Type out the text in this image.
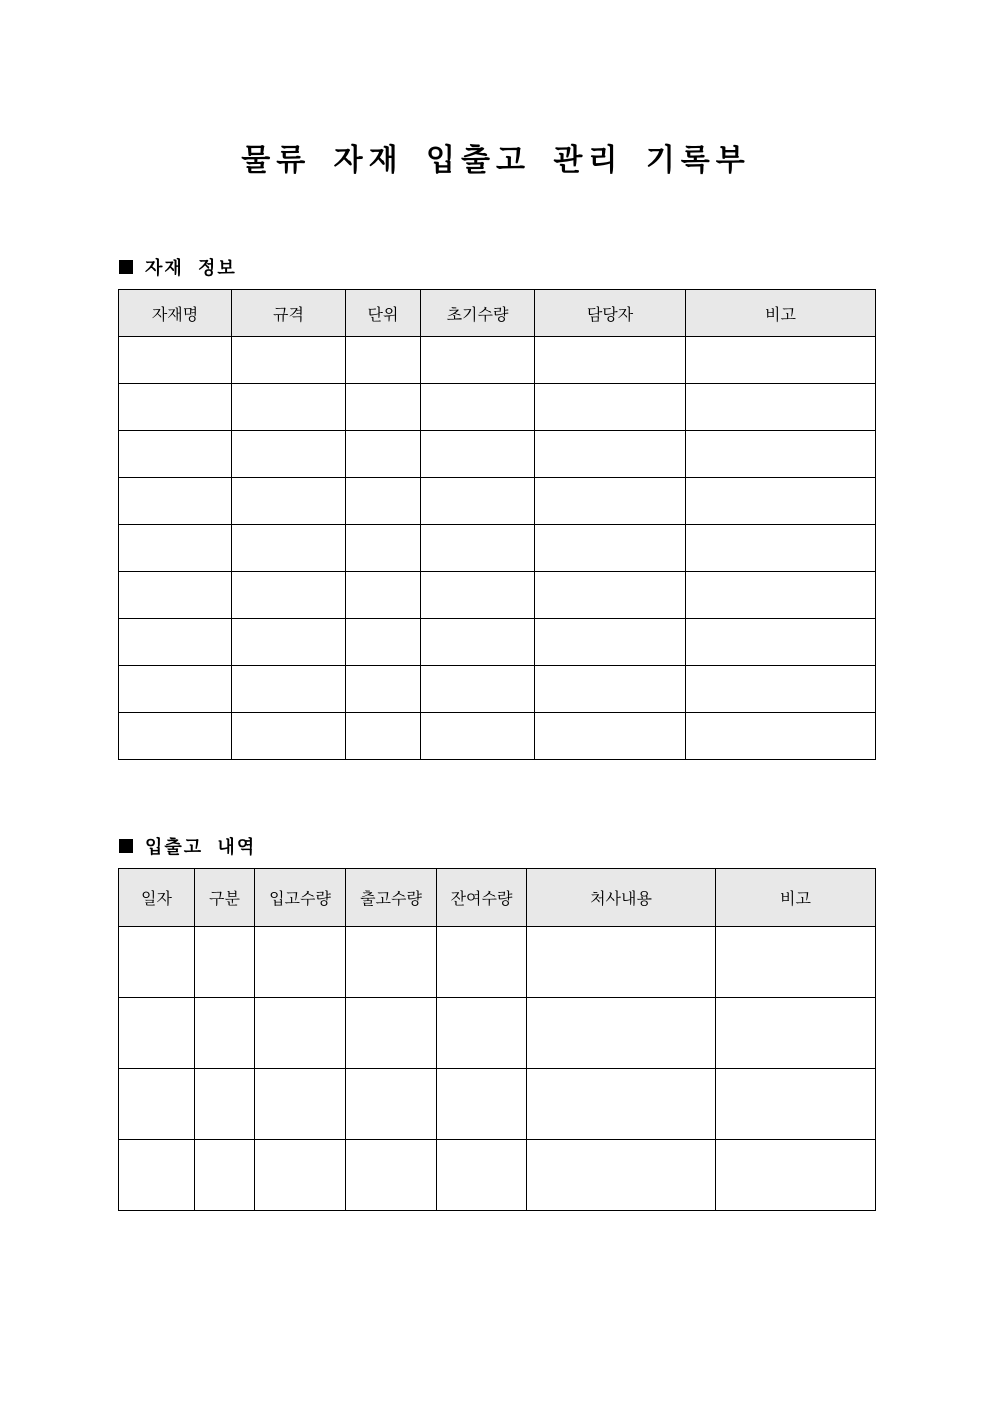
물류 자재 입출고 관리 기록부
자재 정보
자재명	규격	단위	초기수량	담당자	비고

입출고 내역
일자	구분	입고수량	출고수량	잔여수량	처사내용	비고
